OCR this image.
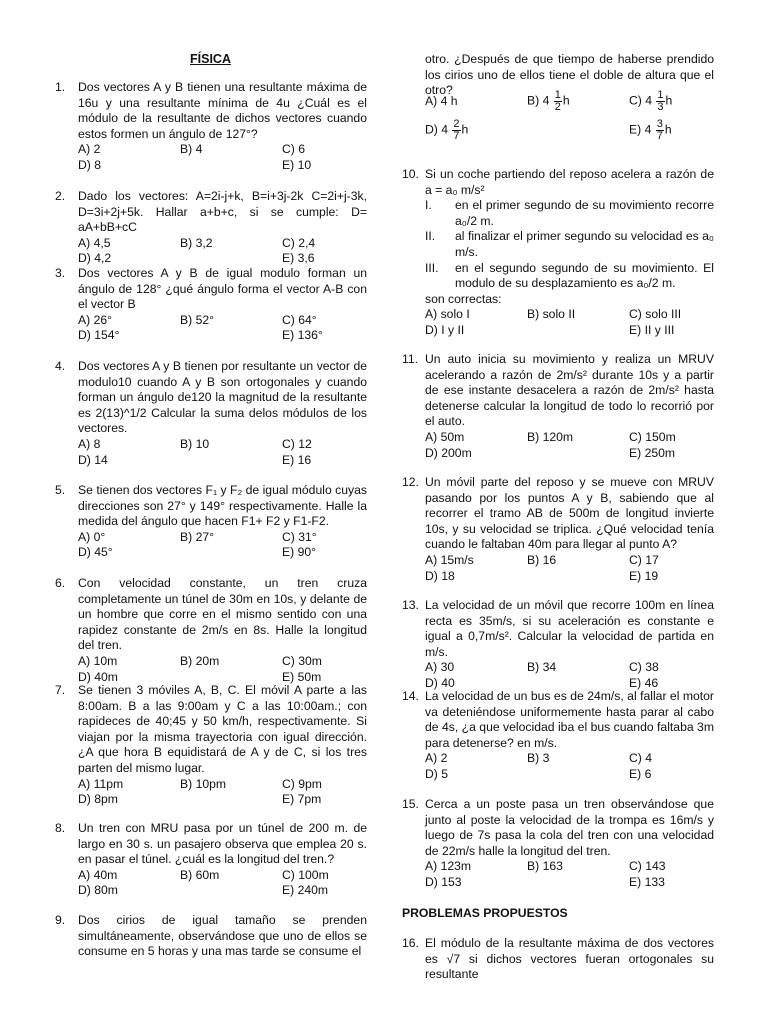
FÍSICA
1. Dos vectores A y B tienen una resultante máxima de 16u y una resultante mínima de 4u ¿Cuál es el módulo de la resultante de dichos vectores cuando estos formen un ángulo de 127°?
A) 2	B) 4	C) 6
D) 8	E) 10
2. Dado los vectores: A=2i-j+k, B=i+3j-2k C=2i+j-3k, D=3i+2j+5k. Hallar a+b+c, si se cumple: D= aA+bB+cC
A) 4,5	B) 3,2	C) 2,4
D) 4,2	E) 3,6
3. Dos vectores A y B de igual modulo forman un ángulo de 128° ¿qué ángulo forma el vector A-B con el vector B
A) 26°	B) 52°	C) 64°
D) 154°	E) 136°
4. Dos vectores A y B tienen por resultante un vector de modulo10 cuando A y B son ortogonales y cuando forman un ángulo de120 la magnitud de la resultante es 2(13)^1/2 Calcular la suma delos módulos de los vectores.
A) 8	B) 10	C) 12
D) 14	E) 16
5. Se tienen dos vectores F₁ y F₂ de igual módulo cuyas direcciones son 27° y 149° respectivamente. Halle la medida del ángulo que hacen F1+ F2 y F1-F2.
A) 0°	B) 27°	C) 31°
D) 45°	E) 90°
6. Con velocidad constante, un tren cruza completamente un túnel de 30m en 10s, y delante de un hombre que corre en el mismo sentido con una rapidez constante de 2m/s en 8s. Halle la longitud del tren.
A) 10m	B) 20m	C) 30m
D) 40m	E) 50m
7. Se tienen 3 móviles A, B, C. El móvil A parte a las 8:00am. B a las 9:00am y C a las 10:00am.; con rapideces de 40;45 y 50 km/h, respectivamente. Si viajan por la misma trayectoria con igual dirección. ¿A que hora B equidistará de A y de C, si los tres parten del mismo lugar.
A) 11pm	B) 10pm	C) 9pm
D) 8pm	E) 7pm
8. Un tren con MRU pasa por un túnel de 200 m. de largo en 30 s. un pasajero observa que emplea 20 s. en pasar el túnel. ¿cuál es la longitud del tren.?
A) 40m	B) 60m	C) 100m
D) 80m	E) 240m
9. Dos cirios de igual tamaño se prenden simultáneamente, observándose que uno de ellos se consume en 5 horas y una mas tarde se consume el
otro. ¿Después de que tiempo de haberse prendido los cirios uno de ellos tiene el doble de altura que el otro?
A) 4 h	B) $4 \frac{1}{2}$ h	C) $4 \frac{1}{3}$ h
D) $4 \frac{2}{7}$ h	E) $4 \frac{3}{7}$ h
10. Si un coche partiendo del reposo acelera a razón de a = a₀ m/s²
I. en el primer segundo de su movimiento recorre a₀/2 m.
II. al finalizar el primer segundo su velocidad es a₀ m/s.
III. en el segundo segundo de su movimiento. El modulo de su desplazamiento es a₀/2 m.
son correctas:
A) solo I	B) solo II	C) solo III
D) I y II	E) II y III
11. Un auto inicia su movimiento y realiza un MRUV acelerando a razón de 2m/s² durante 10s y a partir de ese instante desacelera a razón de 2m/s² hasta detenerse calcular la longitud de todo lo recorrió por el auto.
A) 50m	B) 120m	C) 150m
D) 200m	E) 250m
12. Un móvil parte del reposo y se mueve con MRUV pasando por los puntos A y B, sabiendo que al recorrer el tramo AB de 500m de longitud invierte 10s, y su velocidad se triplica. ¿Qué velocidad tenía cuando le faltaban 40m para llegar al punto A?
A) 15m/s	B) 16	C) 17
D) 18	E) 19
13. La velocidad de un móvil que recorre 100m en línea recta es 35m/s, si su aceleración es constante e igual a 0,7m/s². Calcular la velocidad de partida en m/s.
A) 30	B) 34	C) 38
D) 40	E) 46
14. La velocidad de un bus es de 24m/s, al fallar el motor va deteniéndose uniformemente hasta parar al cabo de 4s, ¿a que velocidad iba el bus cuando faltaba 3m para detenerse? en m/s.
A) 2	B) 3	C) 4
D) 5	E) 6
15. Cerca a un poste pasa un tren observándose que junto al poste la velocidad de la trompa es 16m/s y luego de 7s pasa la cola del tren con una velocidad de 22m/s halle la longitud del tren.
A) 123m	B) 163	C) 143
D) 153	E) 133
PROBLEMAS PROPUESTOS
16. El módulo de la resultante máxima de dos vectores es √7 si dichos vectores fueran ortogonales su resultante
